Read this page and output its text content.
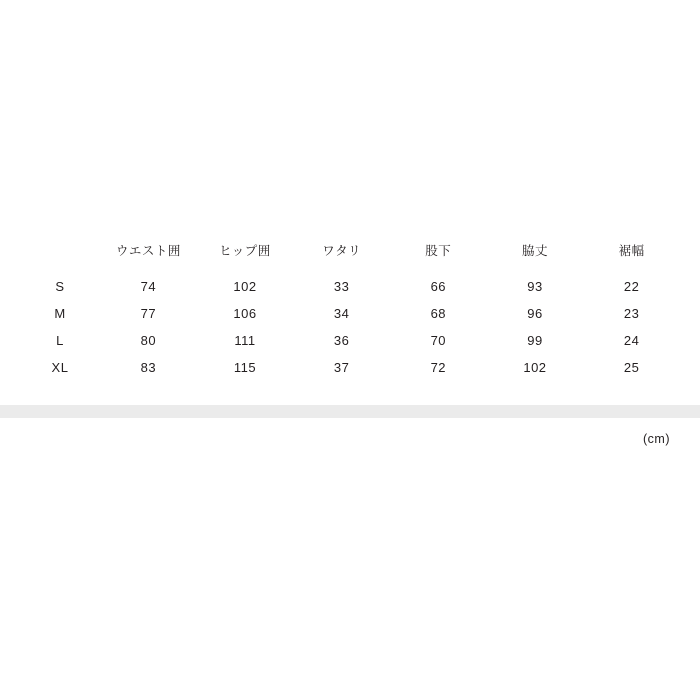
	ウエスト囲	ヒップ囲	ワタリ	股下	脇丈	裾幅
S	74	102	33	66	93	22
M	77	106	34	68	96	23
L	80	111	36	70	99	24
XL	83	115	37	72	102	25
(cm)
